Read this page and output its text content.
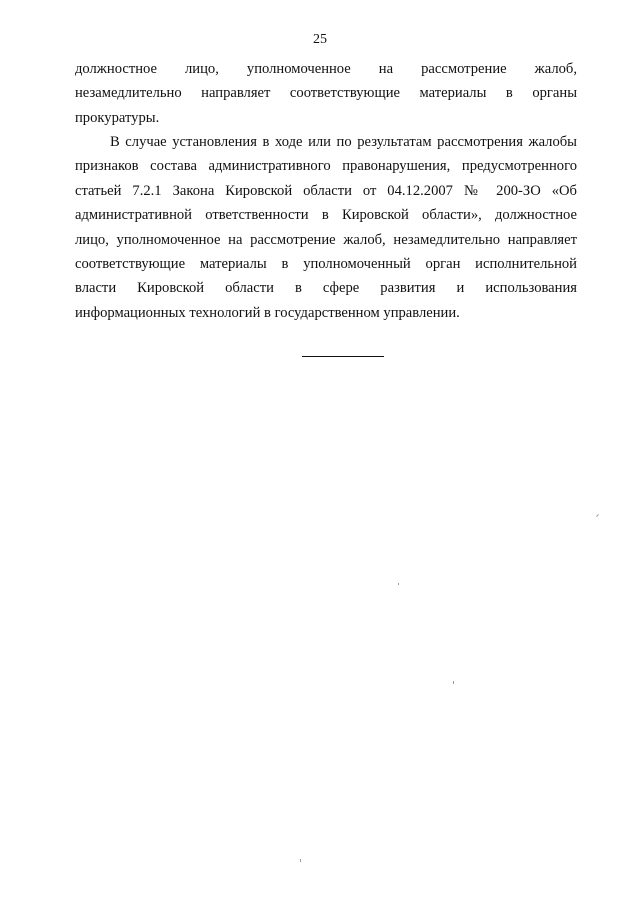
25
должностное лицо, уполномоченное на рассмотрение жалоб,
незамедлительно направляет соответствующие материалы в органы
прокуратуры.
В случае установления в ходе или по результатам рассмотрения жалобы
признаков состава административного правонарушения, предусмотренного
статьей 7.2.1 Закона Кировской области от 04.12.2007 № 200-ЗО «Об
административной ответственности в Кировской области», должностное
лицо, уполномоченное на рассмотрение жалоб, незамедлительно направляет
соответствующие материалы в уполномоченный орган исполнительной
власти Кировской области в сфере развития и использования
информационных технологий в государственном управлении.
